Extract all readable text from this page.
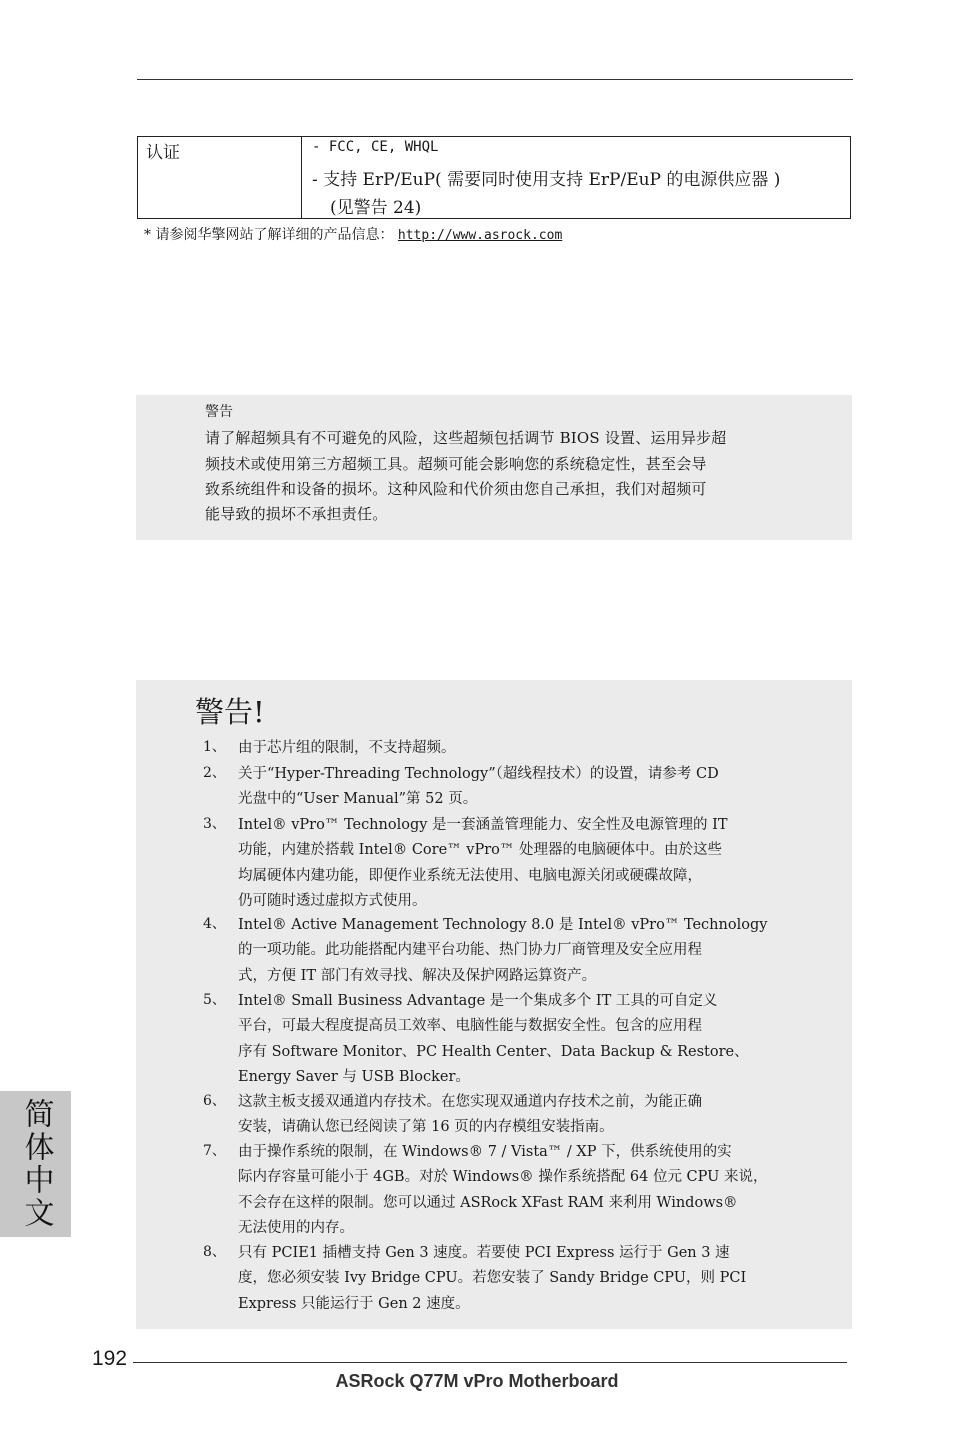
认证	- FCC, CE, WHQL
- 支持 ErP/EuP( 需要同时使用支持 ErP/EuP 的电源供应器 )
(见警告 24)
* 请参阅华擎网站了解详细的产品信息： http://www.asrock.com
警告
请了解超频具有不可避免的风险，这些超频包括调节 BIOS 设置、运用异步超
频技术或使用第三方超频工具。超频可能会影响您的系统稳定性，甚至会导
致系统组件和设备的损坏。这种风险和代价须由您自己承担，我们对超频可
能导致的损坏不承担责任。
警告!
1、 由于芯片组的限制，不支持超频。
2、 关于“Hyper-Threading Technology”（超线程技术）的设置，请参考 CD
光盘中的“User Manual”第 52 页。
3、 Intel® vPro™ Technology 是一套涵盖管理能力、安全性及电源管理的 IT
功能，内建於搭载 Intel® Core™ vPro™ 处理器的电脑硬体中。由於这些
均属硬体内建功能，即便作业系统无法使用、电脑电源关闭或硬碟故障，
仍可随时透过虚拟方式使用。
4、 Intel® Active Management Technology 8.0 是 Intel® vPro™ Technology
的一项功能。此功能搭配内建平台功能、热门协力厂商管理及安全应用程
式，方便 IT 部门有效寻找、解决及保护网路运算资产。
5、 Intel® Small Business Advantage 是一个集成多个 IT 工具的可自定义
平台，可最大程度提高员工效率、电脑性能与数据安全性。包含的应用程
序有 Software Monitor、PC Health Center、Data Backup & Restore、
Energy Saver 与 USB Blocker。
6、 这款主板支援双通道内存技术。在您实现双通道内存技术之前，为能正确
安装，请确认您已经阅读了第 16 页的内存模组安装指南。
7、 由于操作系统的限制，在 Windows® 7 / Vista™ / XP 下，供系统使用的实
际内存容量可能小于 4GB。对於 Windows® 操作系统搭配 64 位元 CPU 来说，
不会存在这样的限制。您可以通过 ASRock XFast RAM 来利用 Windows®
无法使用的内存。
8、 只有 PCIE1 插槽支持 Gen 3 速度。若要使 PCI Express 运行于 Gen 3 速
度，您必须安装 Ivy Bridge CPU。若您安装了 Sandy Bridge CPU，则 PCI
Express 只能运行于 Gen 2 速度。
简体中文
192
ASRock Q77M vPro Motherboard
